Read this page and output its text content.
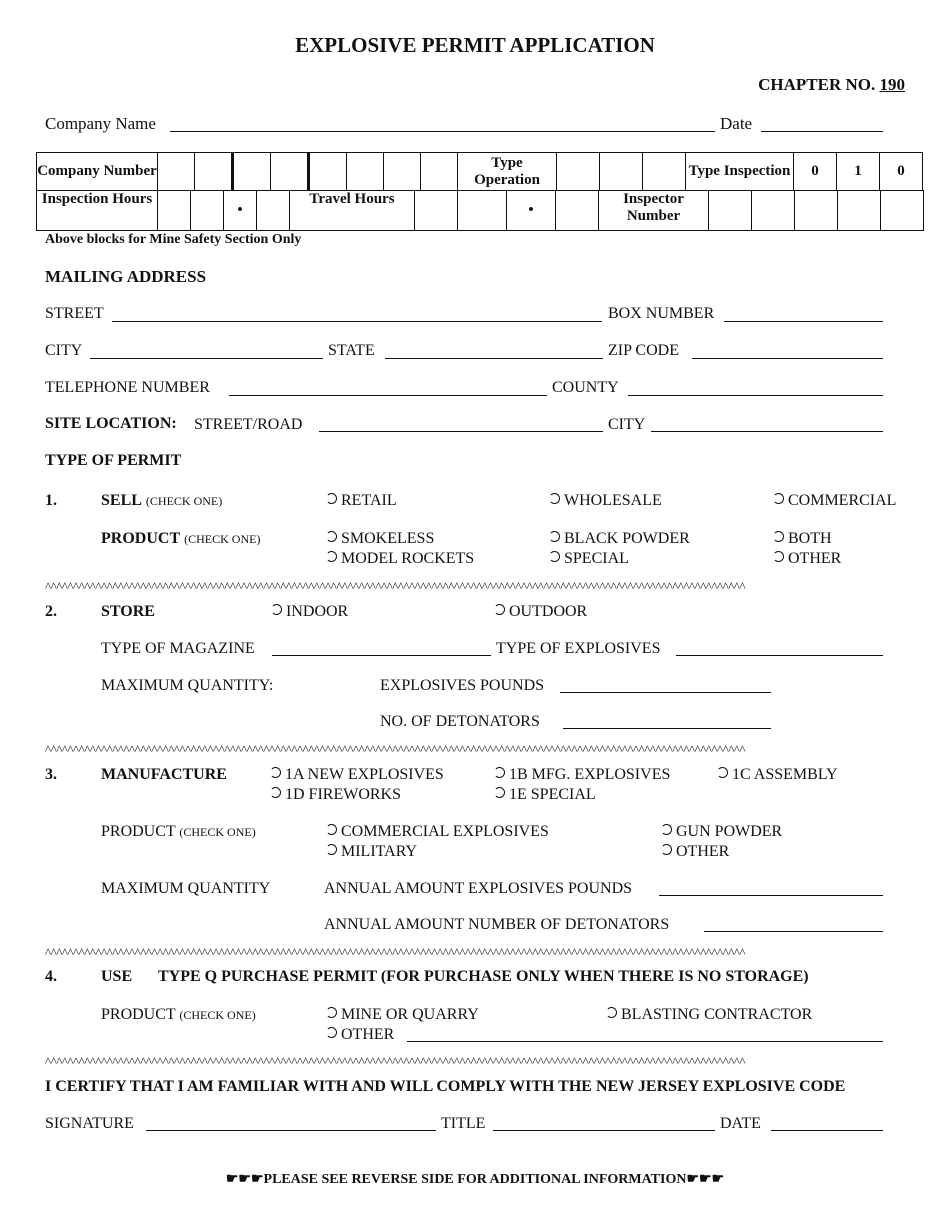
EXPLOSIVE PERMIT APPLICATION
CHAPTER NO. 190
Company Name	Date
Company Number									Type Operation				Type Inspection	0	1	0
Inspection Hours			•		Travel Hours			•		Inspector Number					
Above blocks for Mine Safety Section Only
MAILING ADDRESS
STREET	BOX NUMBER
CITY	STATE	ZIP CODE
TELEPHONE NUMBER	COUNTY
SITE LOCATION: STREET/ROAD	CITY
TYPE OF PERMIT
1.	SELL (CHECK ONE)	RETAIL	WHOLESALE	COMMERCIAL
PRODUCT (CHECK ONE)	SMOKELESS	BLACK POWDER	BOTH
MODEL ROCKETS	SPECIAL	OTHER
^^^^^^^^^^^^^^^^^^^^^^^^^^^^^^^^^^^^^^^^^^^^^^^^^^^^^^^^^^^^^^^^^^^^^^^^^^^^^^^^^^^^^^^^^^^^^^^^^^^^^^^^^^^^^^^^^^^^^^^^^^^^^
2.	STORE	INDOOR	OUTDOOR
TYPE OF MAGAZINE	TYPE OF EXPLOSIVES
MAXIMUM QUANTITY:	EXPLOSIVES POUNDS
NO. OF DETONATORS
^^^^^^^^^^^^^^^^^^^^^^^^^^^^^^^^^^^^^^^^^^^^^^^^^^^^^^^^^^^^^^^^^^^^^^^^^^^^^^^^^^^^^^^^^^^^^^^^^^^^^^^^^^^^^^^^^^^^^^^^^^^^^
3.	MANUFACTURE	1A NEW EXPLOSIVES	1B MFG. EXPLOSIVES	1C ASSEMBLY
1D FIREWORKS	1E SPECIAL
PRODUCT (CHECK ONE)	COMMERCIAL EXPLOSIVES	GUN POWDER
MILITARY	OTHER
MAXIMUM QUANTITY	ANNUAL AMOUNT EXPLOSIVES POUNDS
ANNUAL AMOUNT NUMBER OF DETONATORS
^^^^^^^^^^^^^^^^^^^^^^^^^^^^^^^^^^^^^^^^^^^^^^^^^^^^^^^^^^^^^^^^^^^^^^^^^^^^^^^^^^^^^^^^^^^^^^^^^^^^^^^^^^^^^^^^^^^^^^^^^^^^^
4.	USE TYPE Q PURCHASE PERMIT (FOR PURCHASE ONLY WHEN THERE IS NO STORAGE)
PRODUCT (CHECK ONE)	MINE OR QUARRY	BLASTING CONTRACTOR
OTHER
^^^^^^^^^^^^^^^^^^^^^^^^^^^^^^^^^^^^^^^^^^^^^^^^^^^^^^^^^^^^^^^^^^^^^^^^^^^^^^^^^^^^^^^^^^^^^^^^^^^^^^^^^^^^^^^^^^^^^^^^^^^^^
I CERTIFY THAT I AM FAMILIAR WITH AND WILL COMPLY WITH THE NEW JERSEY EXPLOSIVE CODE
SIGNATURE	TITLE	DATE
☛☛☛PLEASE SEE REVERSE SIDE FOR ADDITIONAL INFORMATION☛☛☛
